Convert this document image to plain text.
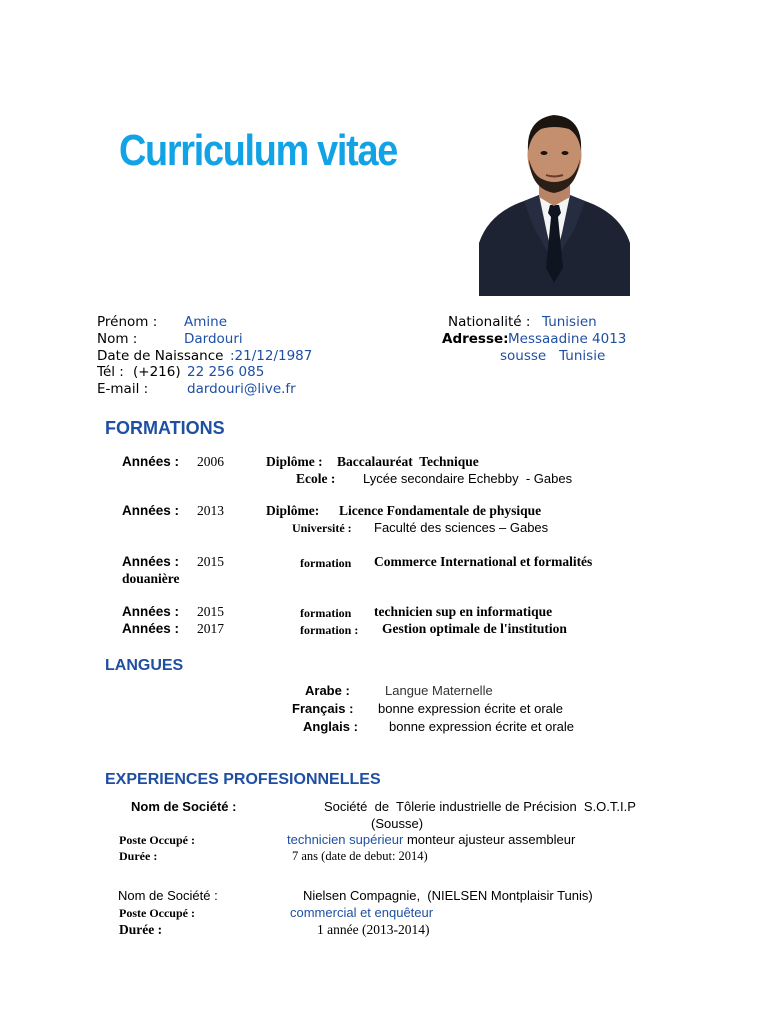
Curriculum vitae
Prénom : Amine
Nom :	Dardouri
Date de Naissance :21/12/1987
Tél : (+216) 22 256 085
E-mail :	dardouri@live.fr
Nationalité : Tunisien
Adresse: Messaadine 4013
sousse   Tunisie
FORMATIONS
Années : 2006	Diplôme : Baccalauréat  Technique
Ecole : Lycée secondaire Echebby  - Gabes
Années : 2013	Diplôme: Licence Fondamentale de physique
Université : Faculté des sciences – Gabes
Années : 2015	formation Commerce International et formalités
douanière
Années : 2015	formation technicien sup en informatique
Années : 2017	formation : Gestion optimale de l'institution
LANGUES
Arabe :	Langue Maternelle
Français : bonne expression écrite et orale
Anglais : bonne expression écrite et orale
EXPERIENCES PROFESIONNELLES
Nom de Société :	Société  de  Tôlerie industrielle de Précision  S.O.T.I.P
(Sousse)
Poste Occupé :	technicien supérieur monteur ajusteur assembleur
Durée :	7 ans (date de debut: 2014)
Nom de Société :	Nielsen Compagnie,  (NIELSEN Montplaisir Tunis)
Poste Occupé :	commercial et enquêteur
Durée :	1 année (2013-2014)
